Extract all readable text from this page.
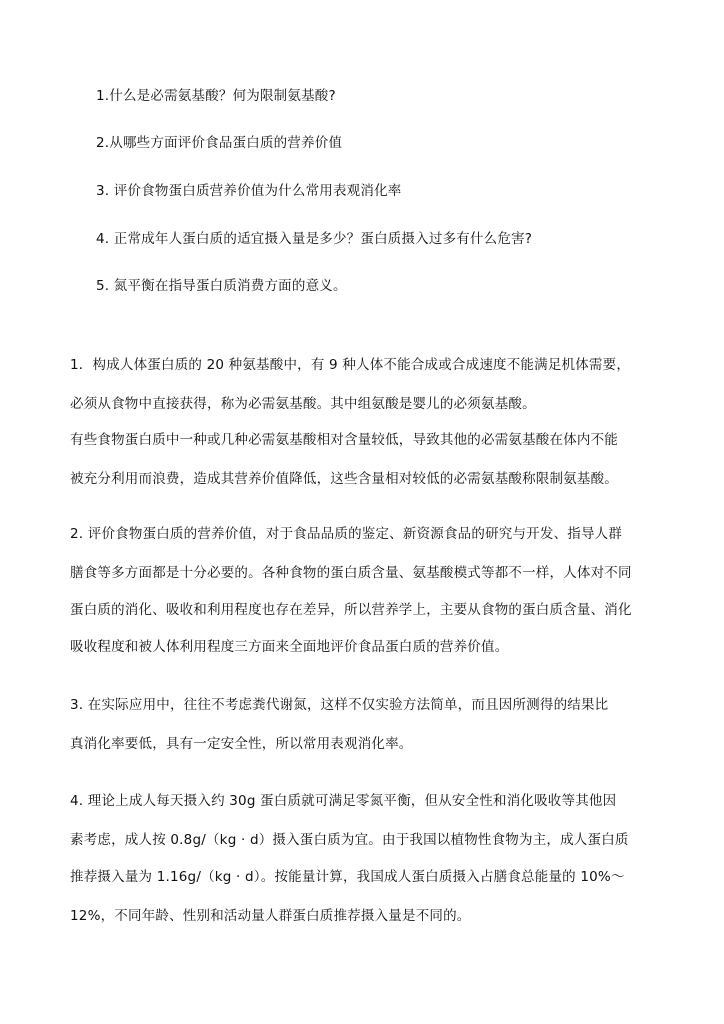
1.什么是必需氨基酸？何为限制氨基酸?
2.从哪些方面评价食品蛋白质的营养价值
3. 评价食物蛋白质营养价值为什么常用表观消化率
4. 正常成年人蛋白质的适宜摄入量是多少？蛋白质摄入过多有什么危害?
5. 氮平衡在指导蛋白质消费方面的意义。
1．构成人体蛋白质的 20 种氨基酸中，有 9 种人体不能合成或合成速度不能满足机体需要，
必须从食物中直接获得，称为必需氨基酸。其中组氨酸是婴儿的必须氨基酸。
有些食物蛋白质中一种或几种必需氨基酸相对含量较低，导致其他的必需氨基酸在体内不能
被充分利用而浪费，造成其营养价值降低，这些含量相对较低的必需氨基酸称限制氨基酸。
2. 评价食物蛋白质的营养价值，对于食品品质的鉴定、新资源食品的研究与开发、指导人群
膳食等多方面都是十分必要的。各种食物的蛋白质含量、氨基酸模式等都不一样，人体对不同
蛋白质的消化、吸收和利用程度也存在差异，所以营养学上，主要从食物的蛋白质含量、消化
吸收程度和被人体利用程度三方面来全面地评价食品蛋白质的营养价值。
3. 在实际应用中，往往不考虑粪代谢氮，这样不仅实验方法简单，而且因所测得的结果比
真消化率要低，具有一定安全性，所以常用表观消化率。
4. 理论上成人每天摄入约 30g 蛋白质就可满足零氮平衡，但从安全性和消化吸收等其他因
素考虑，成人按 0.8g/（kg · d）摄入蛋白质为宜。由于我国以植物性食物为主，成人蛋白质
推荐摄入量为 1.16g/（kg · d）。按能量计算，我国成人蛋白质摄入占膳食总能量的 10%～
12%，不同年龄、性别和活动量人群蛋白质推荐摄入量是不同的。
